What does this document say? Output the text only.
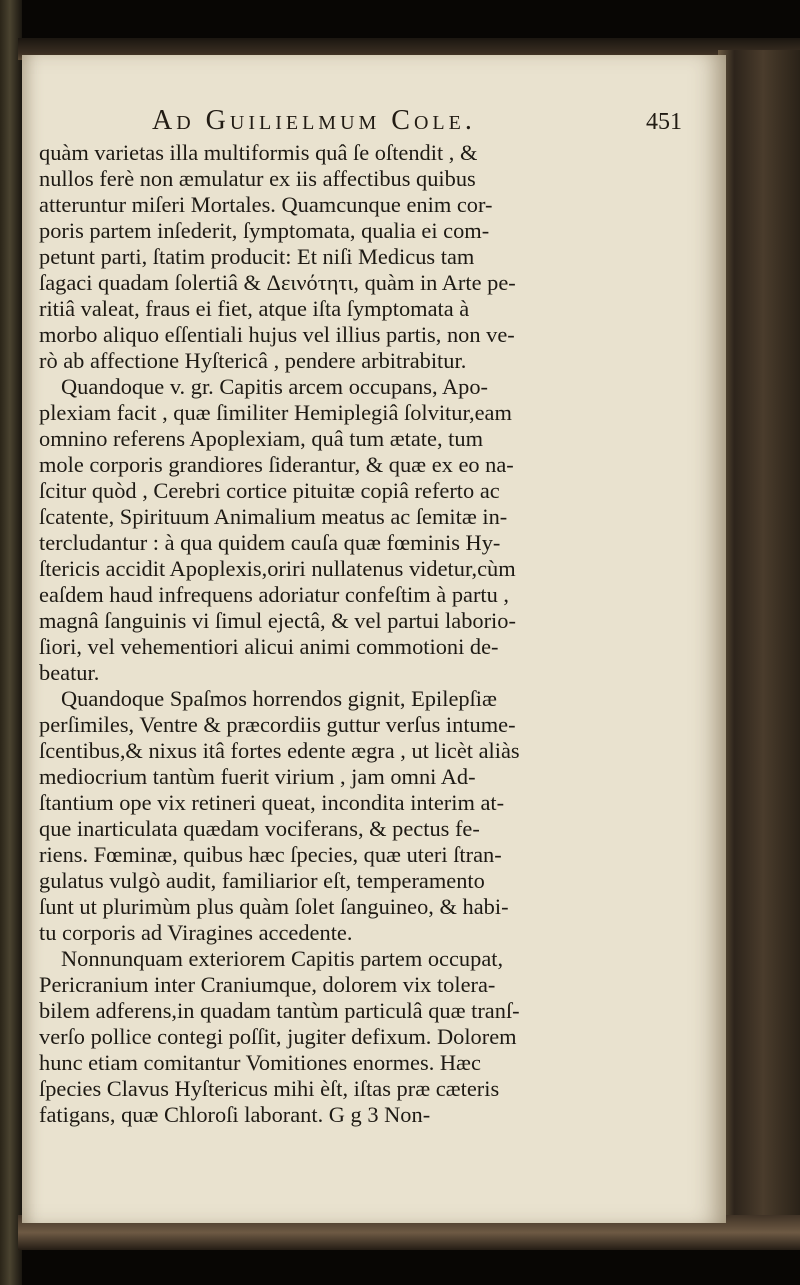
Ad Guilielmum Cole.	451
quàm varietas illa multiformis quâ ſe oſtendit , &
nullos ferè non æmulatur ex iis affectibus quibus
atteruntur miſeri Mortales. Quamcunque enim cor-
poris partem inſederit, ſymptomata, qualia ei com-
petunt parti, ſtatim producit: Et niſi Medicus tam
ſagaci quadam ſolertiâ & Δεινότητι, quàm in Arte pe-
ritiâ valeat, fraus ei fiet, atque iſta ſymptomata à
morbo aliquo eſſentiali hujus vel illius partis, non ve-
rò ab affectione Hyſtericâ , pendere arbitrabitur.
Quandoque v. gr. Capitis arcem occupans, Apo-
plexiam facit , quæ ſimiliter Hemiplegiâ ſolvitur,eam
omnino referens Apoplexiam, quâ tum ætate, tum
mole corporis grandiores ſiderantur, & quæ ex eo na-
ſcitur quòd , Cerebri cortice pituitæ copiâ referto ac
ſcatente, Spirituum Animalium meatus ac ſemitæ in-
tercludantur : à qua quidem cauſa quæ fœminis Hy-
ſtericis accidit Apoplexis,oriri nullatenus videtur,cùm
eaſdem haud infrequens adoriatur confeſtim à partu ,
magnâ ſanguinis vi ſimul ejectâ, & vel partui laborio-
ſiori, vel vehementiori alicui animi commotioni de-
beatur.
Quandoque Spaſmos horrendos gignit, Epilepſiæ
perſimiles, Ventre & præcordiis guttur verſus intume-
ſcentibus,& nixus itâ fortes edente ægra , ut licèt aliàs
mediocrium tantùm fuerit virium , jam omni Ad-
ſtantium ope vix retineri queat, incondita interim at-
que inarticulata quædam vociferans, & pectus fe-
riens. Fœminæ, quibus hæc ſpecies, quæ uteri ſtran-
gulatus vulgò audit, familiarior eſt, temperamento
ſunt ut plurimùm plus quàm ſolet ſanguineo, & habi-
tu corporis ad Viragines accedente.
Nonnunquam exteriorem Capitis partem occupat,
Pericranium inter Craniumque, dolorem vix tolera-
bilem adferens,in quadam tantùm particulâ quæ tranſ-
verſo pollice contegi poſſit, jugiter defixum. Dolorem
hunc etiam comitantur Vomitiones enormes. Hæc
ſpecies Clavus Hyſtericus mihi èſt, iſtas præ cæteris
fatigans, quæ Chloroſi laborant. G g 3 Non-
